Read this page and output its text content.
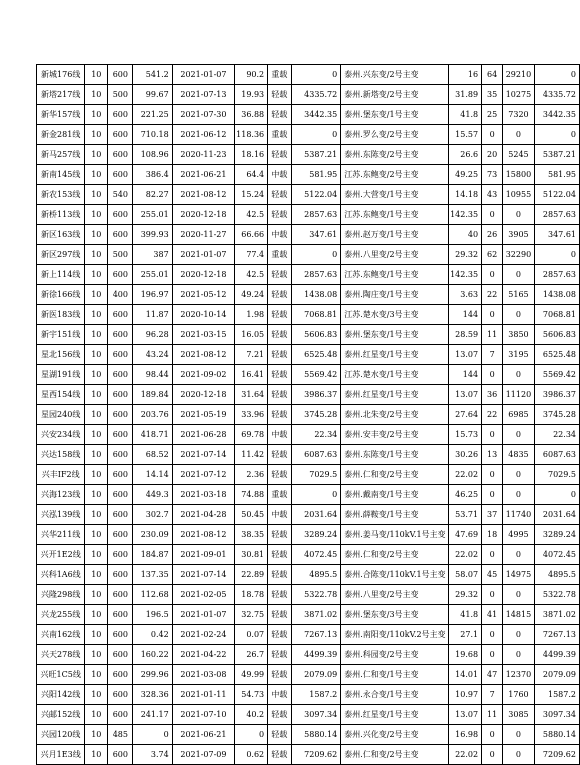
新城176线	10	600	541.2	2021-01-07	90.2	重载	0	泰州.兴东变/2号主变	16	64	29210	0
新塔217线	10	500	99.67	2021-07-13	19.93	轻载	4335.72	泰州.新塔变/2号主变	31.89	35	10275	4335.72
新华157线	10	600	221.25	2021-07-30	36.88	轻载	3442.35	泰州.堡东变/1号主变	41.8	25	7320	3442.35
新金281线	10	600	710.18	2021-06-12	118.36	重载	0	泰州.罗么变/2号主变	15.57	0	0	0
新马257线	10	600	108.96	2020-11-23	18.16	轻载	5387.21	泰州.东陈变/2号主变	26.6	20	5245	5387.21
新南145线	10	600	386.4	2021-06-21	64.4	中载	581.95	江苏.东鲍变/2号主变	49.25	73	15800	581.95
新农153线	10	540	82.27	2021-08-12	15.24	轻载	5122.04	泰州.大营变/1号主变	14.18	43	10955	5122.04
新桥113线	10	600	255.01	2020-12-18	42.5	轻载	2857.63	江苏.东鲍变/1号主变	142.35	0	0	2857.63
新区163线	10	600	399.93	2020-11-27	66.66	中载	347.61	泰州.赵万变/1号主变	40	26	3905	347.61
新区297线	10	500	387	2021-01-07	77.4	重载	0	泰州.八里变/2号主变	29.32	62	32290	0
新上114线	10	600	255.01	2020-12-18	42.5	轻载	2857.63	江苏.东鲍变/1号主变	142.35	0	0	2857.63
新徐166线	10	400	196.97	2021-05-12	49.24	轻载	1438.08	泰州.陶庄变/1号主变	3.63	22	5165	1438.08
新医183线	10	600	11.87	2020-10-14	1.98	轻载	7068.81	江苏.楚水变/3号主变	144	0	0	7068.81
新宇151线	10	600	96.28	2021-03-15	16.05	轻载	5606.83	泰州.堡东变/1号主变	28.59	11	3850	5606.83
星北156线	10	600	43.24	2021-08-12	7.21	轻载	6525.48	泰州.红星变/1号主变	13.07	7	3195	6525.48
星湖191线	10	600	98.44	2021-09-02	16.41	轻载	5569.42	江苏.楚水变/1号主变	144	0	0	5569.42
星西154线	10	600	189.84	2020-12-18	31.64	轻载	3986.37	泰州.红星变/1号主变	13.07	36	11120	3986.37
星园240线	10	600	203.76	2021-05-19	33.96	轻载	3745.28	泰州.北朱变/2号主变	27.64	22	6985	3745.28
兴安234线	10	600	418.71	2021-06-28	69.78	中载	22.34	泰州.安丰变/2号主变	15.73	0	0	22.34
兴达158线	10	600	68.52	2021-07-14	11.42	轻载	6087.63	泰州.东陈变/1号主变	30.26	13	4835	6087.63
兴丰IF2线	10	600	14.14	2021-07-12	2.36	轻载	7029.5	泰州.仁和变/2号主变	22.02	0	0	7029.5
兴海123线	10	600	449.3	2021-03-18	74.88	重载	0	泰州.戴南变/1号主变	46.25	0	0	0
兴泓139线	10	600	302.7	2021-04-28	50.45	中载	2031.64	泰州.薛鞍变/1号主变	53.71	37	11740	2031.64
兴华211线	10	600	230.09	2021-08-12	38.35	轻载	3289.24	泰州.姜马变/110kV.1号主变	47.69	18	4995	3289.24
兴开1E2线	10	600	184.87	2021-09-01	30.81	轻载	4072.45	泰州.仁和变/2号主变	22.02	0	0	4072.45
兴科1A6线	10	600	137.35	2021-07-14	22.89	轻载	4895.5	泰州.合陈变/110kV.1号主变	58.07	45	14975	4895.5
兴隆298线	10	600	112.68	2021-02-05	18.78	轻载	5322.78	泰州.八里变/2号主变	29.32	0	0	5322.78
兴龙255线	10	600	196.5	2021-01-07	32.75	轻载	3871.02	泰州.堡东变/3号主变	41.8	41	14815	3871.02
兴南162线	10	600	0.42	2021-02-24	0.07	轻载	7267.13	泰州.南阳变/110kV.2号主变	27.1	0	0	7267.13
兴天278线	10	600	160.22	2021-04-22	26.7	轻载	4499.39	泰州.科园变/2号主变	19.68	0	0	4499.39
兴旺1C5线	10	600	299.96	2021-03-08	49.99	轻载	2079.09	泰州.仁和变/1号主变	14.01	47	12370	2079.09
兴阳142线	10	600	328.36	2021-01-11	54.73	中载	1587.2	泰州.永合变/1号主变	10.97	7	1760	1587.2
兴邮152线	10	600	241.17	2021-07-10	40.2	轻载	3097.34	泰州.红星变/1号主变	13.07	11	3085	3097.34
兴园120线	10	485	0	2021-06-21	0	轻载	5880.14	泰州.兴化变/2号主变	16.98	0	0	5880.14
兴月1E3线	10	600	3.74	2021-07-09	0.62	轻载	7209.62	泰州.仁和变/2号主变	22.02	0	0	7209.62
